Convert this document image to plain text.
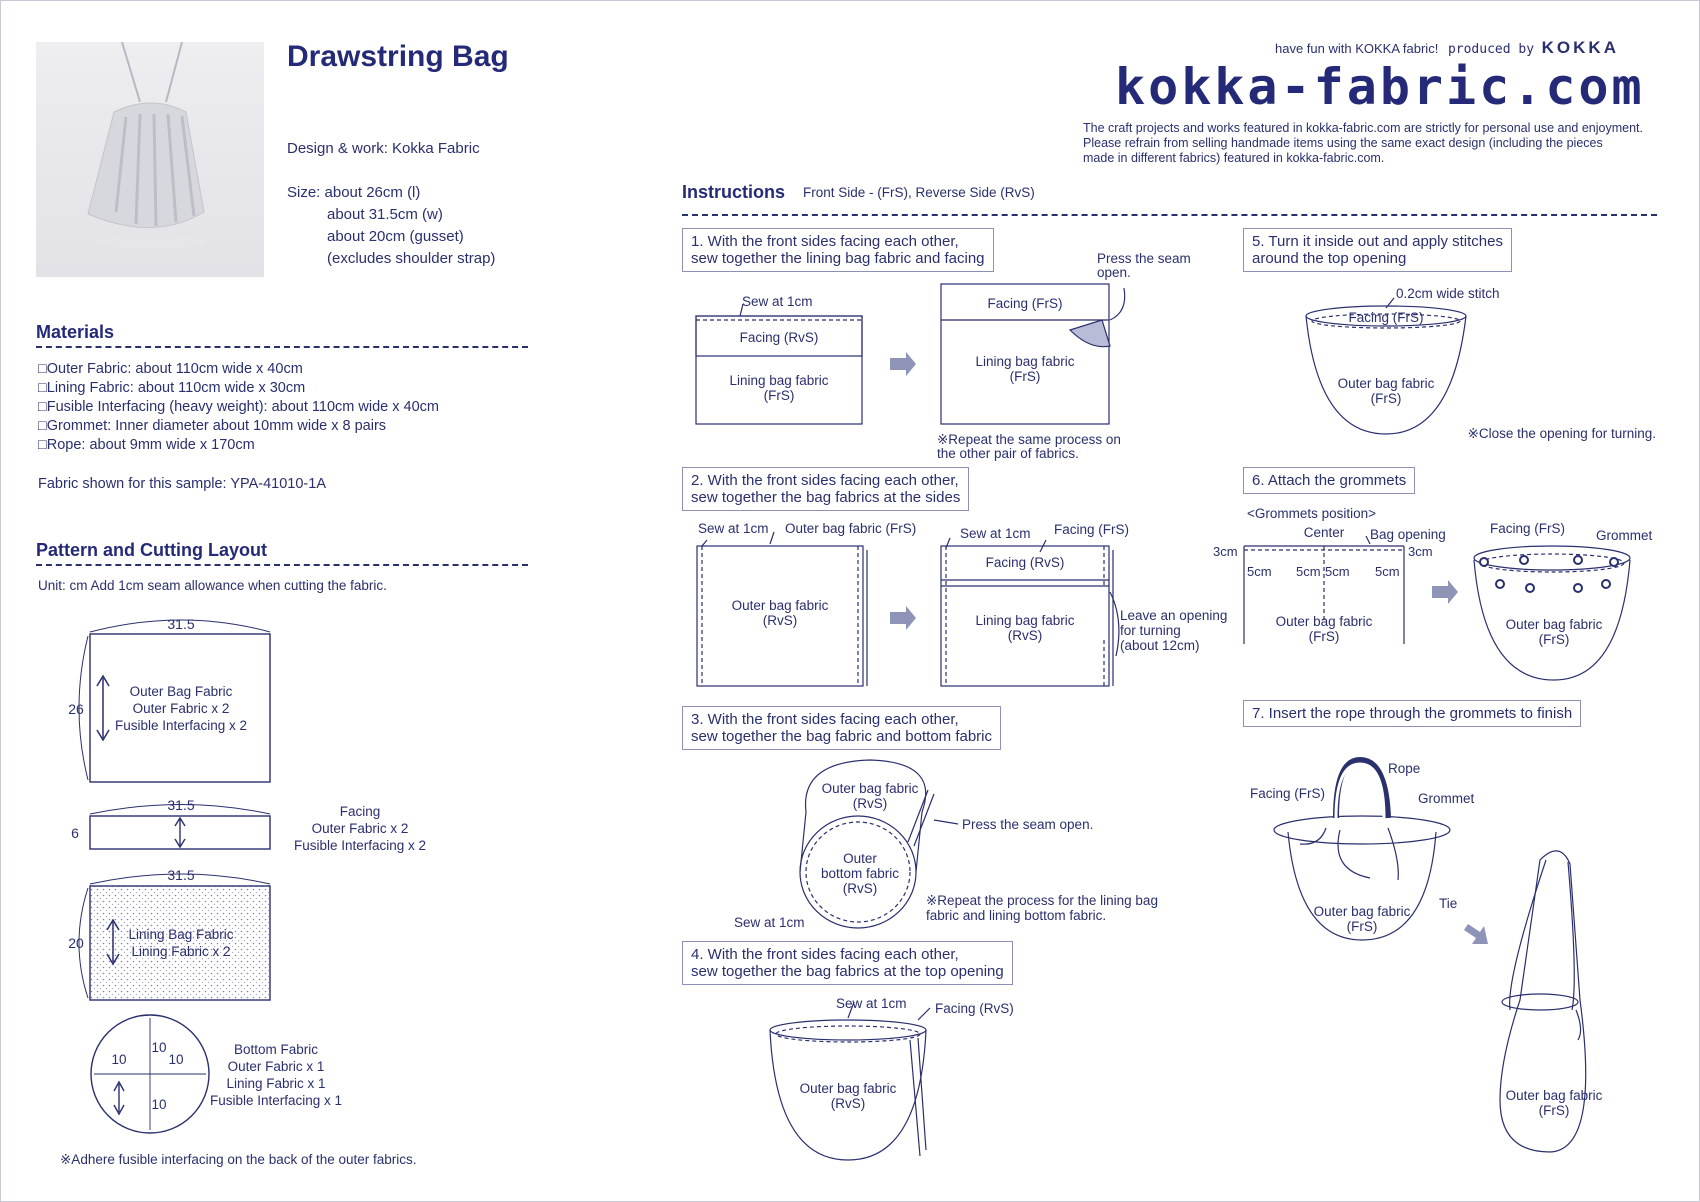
Drawstring Bag
Design & work: Kokka Fabric
Size: about 26cm (l)
about 31.5cm (w)
about 20cm (gusset)
(excludes shoulder strap)
have fun with KOKKA fabric! produced by KOKKA
kokka-fabric.com
The craft projects and works featured in kokka-fabric.com are strictly for personal use and enjoyment.
Please refrain from selling handmade items using the same exact design (including the pieces
made in different fabrics) featured in kokka-fabric.com.
Materials
□Outer Fabric: about 110cm wide x 40cm
□Lining Fabric: about 110cm wide x 30cm
□Fusible Interfacing (heavy weight): about 110cm wide x 40cm
□Grommet: Inner diameter about 10mm wide x 8 pairs
□Rope: about 9mm wide x 170cm
Fabric shown for this sample: YPA-41010-1A
Pattern and Cutting Layout
Unit: cm Add 1cm seam allowance when cutting the fabric.
31.5
26
Outer Bag Fabric
Outer Fabric x 2
Fusible Interfacing x 2
31.5
6
Facing
Outer Fabric x 2
Fusible Interfacing x 2
31.5
20
Lining Bag Fabric
Lining Fabric x 2
10
10
10
10
Bottom Fabric
Outer Fabric x 1
Lining Fabric x 1
Fusible Interfacing x 1
※Adhere fusible interfacing on the back of the outer fabrics.
Instructions Front Side - (FrS), Reverse Side (RvS)
1. With the front sides facing each other,
sew together the lining bag fabric and facing
2. With the front sides facing each other,
sew together the bag fabrics at the sides
3. With the front sides facing each other,
sew together the bag fabric and bottom fabric
4. With the front sides facing each other,
sew together the bag fabrics at the top opening
5. Turn it inside out and apply stitches
around the top opening
6. Attach the grommets
7. Insert the rope through the grommets to finish
Sew at 1cm
Facing (RvS)
Lining bag fabric
(FrS)
Press the seam
open.
Facing (FrS)
Lining bag fabric
(FrS)
※Repeat the same process on
the other pair of fabrics.
Sew at 1cm Outer bag fabric (FrS)
Outer bag fabric
(RvS)
Sew at 1cm Facing (FrS)
Facing (RvS)
Lining bag fabric
(RvS)
Leave an opening
for turning
(about 12cm)
Outer bag fabric
(RvS)
Outer
bottom fabric
(RvS)
Press the seam open.
Sew at 1cm
※Repeat the process for the lining bag
fabric and lining bottom fabric.
Sew at 1cm Facing (RvS)
Outer bag fabric
(RvS)
0.2cm wide stitch
Facing (FrS)
Outer bag fabric
(FrS)
※Close the opening for turning.
<Grommets position>
Center Bag opening
3cm	3cm
5cm 5cm 5cm 5cm
Outer bag fabric
(FrS)
Facing (FrS) Grommet
Outer bag fabric
(FrS)
Rope
Facing (FrS)	Grommet
Tie
Outer bag fabric
(FrS)
Outer bag fabric
(FrS)
